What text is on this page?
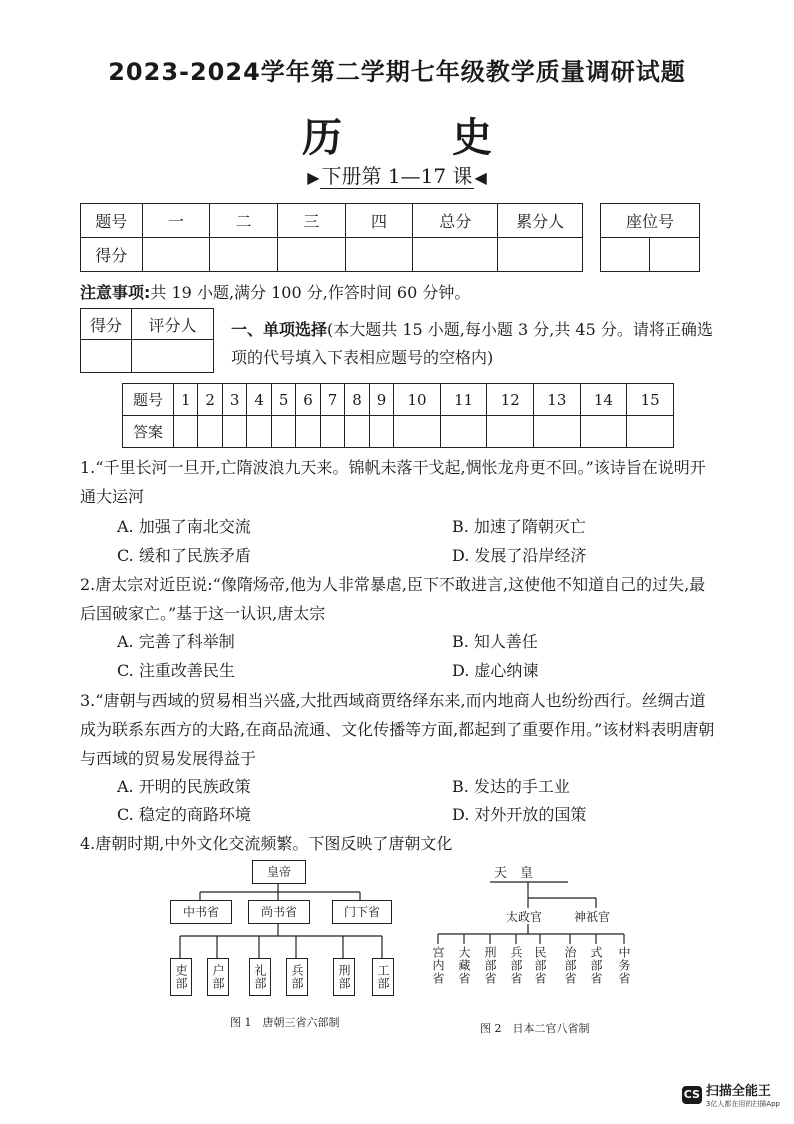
2023-2024学年第二学期七年级教学质量调研试题
历 史
▶ 下册第 1—17 课 ◀
题号	一	二	三	四	总分	累分人
得分						
座位号

注意事项:共 19 小题,满分 100 分,作答时间 60 分钟。
得分	评分人
	一、单项选择(本大题共 15 小题,每小题 3 分,共 45 分。请将正确选项的代号填入下表相应题号的空格内)
题号	1	2	3	4	5	6	7	8	9	10	11	12	13	14	15
答案															
1.“千里长河一旦开,亡隋波浪九天来。锦帆未落干戈起,惆怅龙舟更不回。”该诗旨在说明开通大运河
A. 加强了南北交流	B. 加速了隋朝灭亡
C. 缓和了民族矛盾	D. 发展了沿岸经济
2.唐太宗对近臣说:“像隋炀帝,他为人非常暴虐,臣下不敢进言,这使他不知道自己的过失,最后国破家亡。”基于这一认识,唐太宗
A. 完善了科举制	B. 知人善任
C. 注重改善民生	D. 虚心纳谏
3.“唐朝与西域的贸易相当兴盛,大批西域商贾络绎东来,而内地商人也纷纷西行。丝绸古道成为联系东西方的大路,在商品流通、文化传播等方面,都起到了重要作用。”该材料表明唐朝与西域的贸易发展得益于
A. 开明的民族政策	B. 发达的手工业
C. 稳定的商路环境	D. 对外开放的国策
4.唐朝时期,中外文化交流频繁。下图反映了唐朝文化
皇帝
中书省	尚书省	门下省
吏部	户部	礼部	兵部	刑部	工部
图 1　唐朝三省六部制
天　皇
太政官	神祇官
宫内省 大藏省 刑部省 兵部省 民部省 治部省 式部省 中务省
图 2　日本二官八省制
CS 扫描全能王
3亿人都在用的扫描App
